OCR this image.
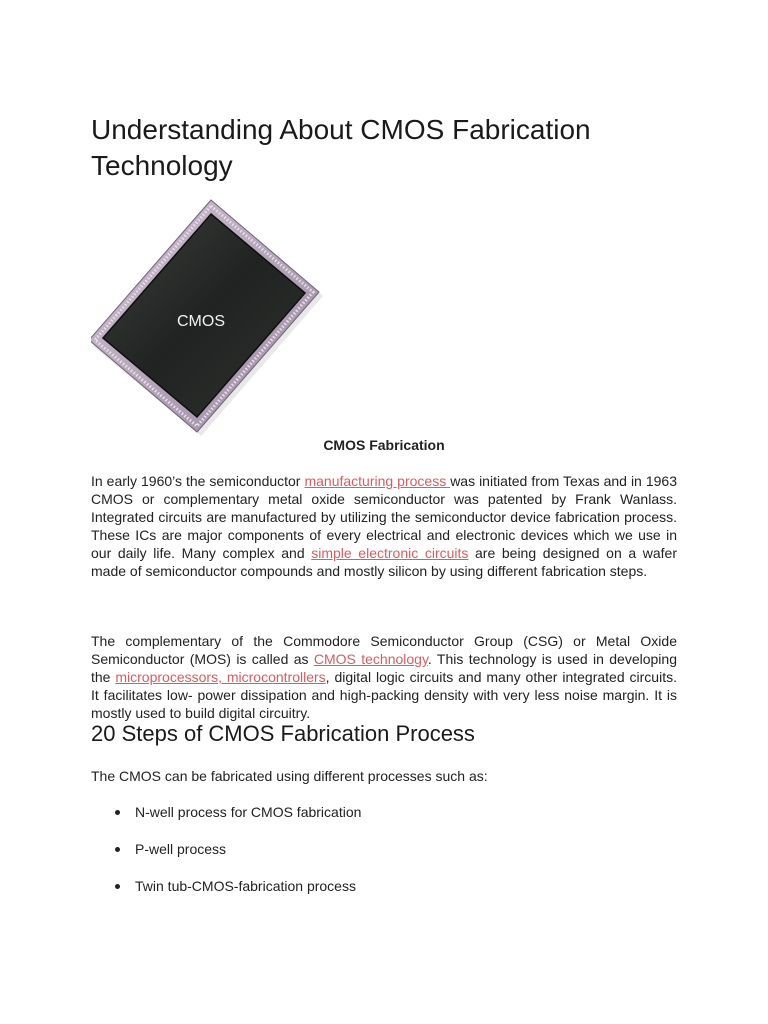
Understanding About CMOS Fabrication Technology
CMOS
CMOS Fabrication

In early 1960’s the semiconductor manufacturing process was initiated from Texas and in 1963 CMOS or complementary metal oxide semiconductor was patented by Frank Wanlass. Integrated circuits are manufactured by utilizing the semiconductor device fabrication process. These ICs are major components of every electrical and electronic devices which we use in our daily life. Many complex and simple electronic circuits are being designed on a wafer made of semiconductor compounds and mostly silicon by using different fabrication steps.

The complementary of the Commodore Semiconductor Group (CSG) or Metal Oxide Semiconductor (MOS) is called as CMOS technology. This technology is used in developing the microprocessors, microcontrollers, digital logic circuits and many other integrated circuits. It facilitates low- power dissipation and high-packing density with very less noise margin. It is mostly used to build digital circuitry.

20 Steps of CMOS Fabrication Process

The CMOS can be fabricated using different processes such as:

N-well process for CMOS fabrication
P-well process
Twin tub-CMOS-fabrication process
